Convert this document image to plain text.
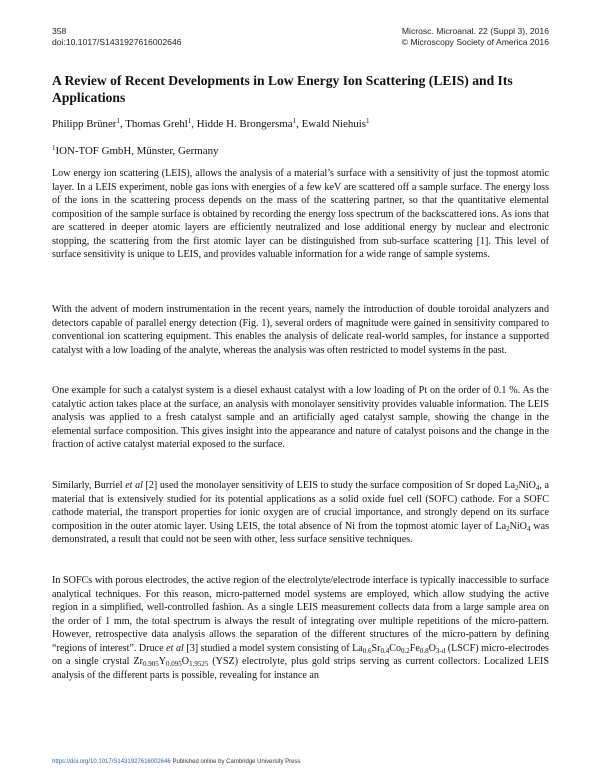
358
doi:10.1017/S1431927616002646
Microsc. Microanal. 22 (Suppl 3), 2016
© Microscopy Society of America 2016
A Review of Recent Developments in Low Energy Ion Scattering (LEIS) and Its Applications
Philipp Brüner$^1$, Thomas Grehl$^1$, Hidde H. Brongersma$^1$, Ewald Niehuis$^1$
$^1$ION-TOF GmbH, Münster, Germany

Low energy ion scattering (LEIS), allows the analysis of a material’s surface with a sensitivity of just the topmost atomic layer. In a LEIS experiment, noble gas ions with energies of a few keV are scattered off a sample surface. The energy loss of the ions in the scattering process depends on the mass of the scattering partner, so that the quantitative elemental composition of the sample surface is obtained by recording the energy loss spectrum of the backscattered ions. As ions that are scattered in deeper atomic layers are efficiently neutralized and lose additional energy by nuclear and electronic stopping, the scattering from the first atomic layer can be distinguished from sub-surface scattering [1]. This level of surface sensitivity is unique to LEIS, and provides valuable information for a wide range of sample systems.

With the advent of modern instrumentation in the recent years, namely the introduction of double toroidal analyzers and detectors capable of parallel energy detection (Fig. 1), several orders of magnitude were gained in sensitivity compared to conventional ion scattering equipment. This enables the analysis of delicate real-world samples, for instance a supported catalyst with a low loading of the analyte, whereas the analysis was often restricted to model systems in the past.

One example for such a catalyst system is a diesel exhaust catalyst with a low loading of Pt on the order of 0.1 %. As the catalytic action takes place at the surface, an analysis with monolayer sensitivity provides valuable information. The LEIS analysis was applied to a fresh catalyst sample and an artificially aged catalyst sample, showing the change in the elemental surface composition. This gives insight into the appearance and nature of catalyst poisons and the change in the fraction of active catalyst material exposed to the surface.

Similarly, Burriel et al [2] used the monolayer sensitivity of LEIS to study the surface composition of Sr doped $La_2NiO_4$, a material that is extensively studied for its potential applications as a solid oxide fuel cell (SOFC) cathode. For a SOFC cathode material, the transport properties for ionic oxygen are of crucial importance, and strongly depend on its surface composition in the outer atomic layer. Using LEIS, the total absence of Ni from the topmost atomic layer of $La_2NiO_4$ was demonstrated, a result that could not be seen with other, less surface sensitive techniques.

In SOFCs with porous electrodes, the active region of the electrolyte/electrode interface is typically inaccessible to surface analytical techniques. For this reason, micro-patterned model systems are employed, which allow studying the active region in a simplified, well-controlled fashion. As a single LEIS measurement collects data from a large sample area on the order of 1 mm, the total spectrum is always the result of integrating over multiple repetitions of the micro-pattern. However, retrospective data analysis allows the separation of the different structures of the micro-pattern by defining “regions of interest”. Druce et al [3] studied a model system consisting of $La_{0.6}Sr_{0.4}Co_{0.2}Fe_{0.8}O_{3-d}$ (LSCF) micro-electrodes on a single crystal $Zr_{0.905}Y_{0.095}O_{1.9525}$ (YSZ) electrolyte, plus gold strips serving as current collectors. Localized LEIS analysis of the different parts is possible, revealing for instance an

https://doi.org/10.1017/S1431927616002646 Published online by Cambridge University Press
